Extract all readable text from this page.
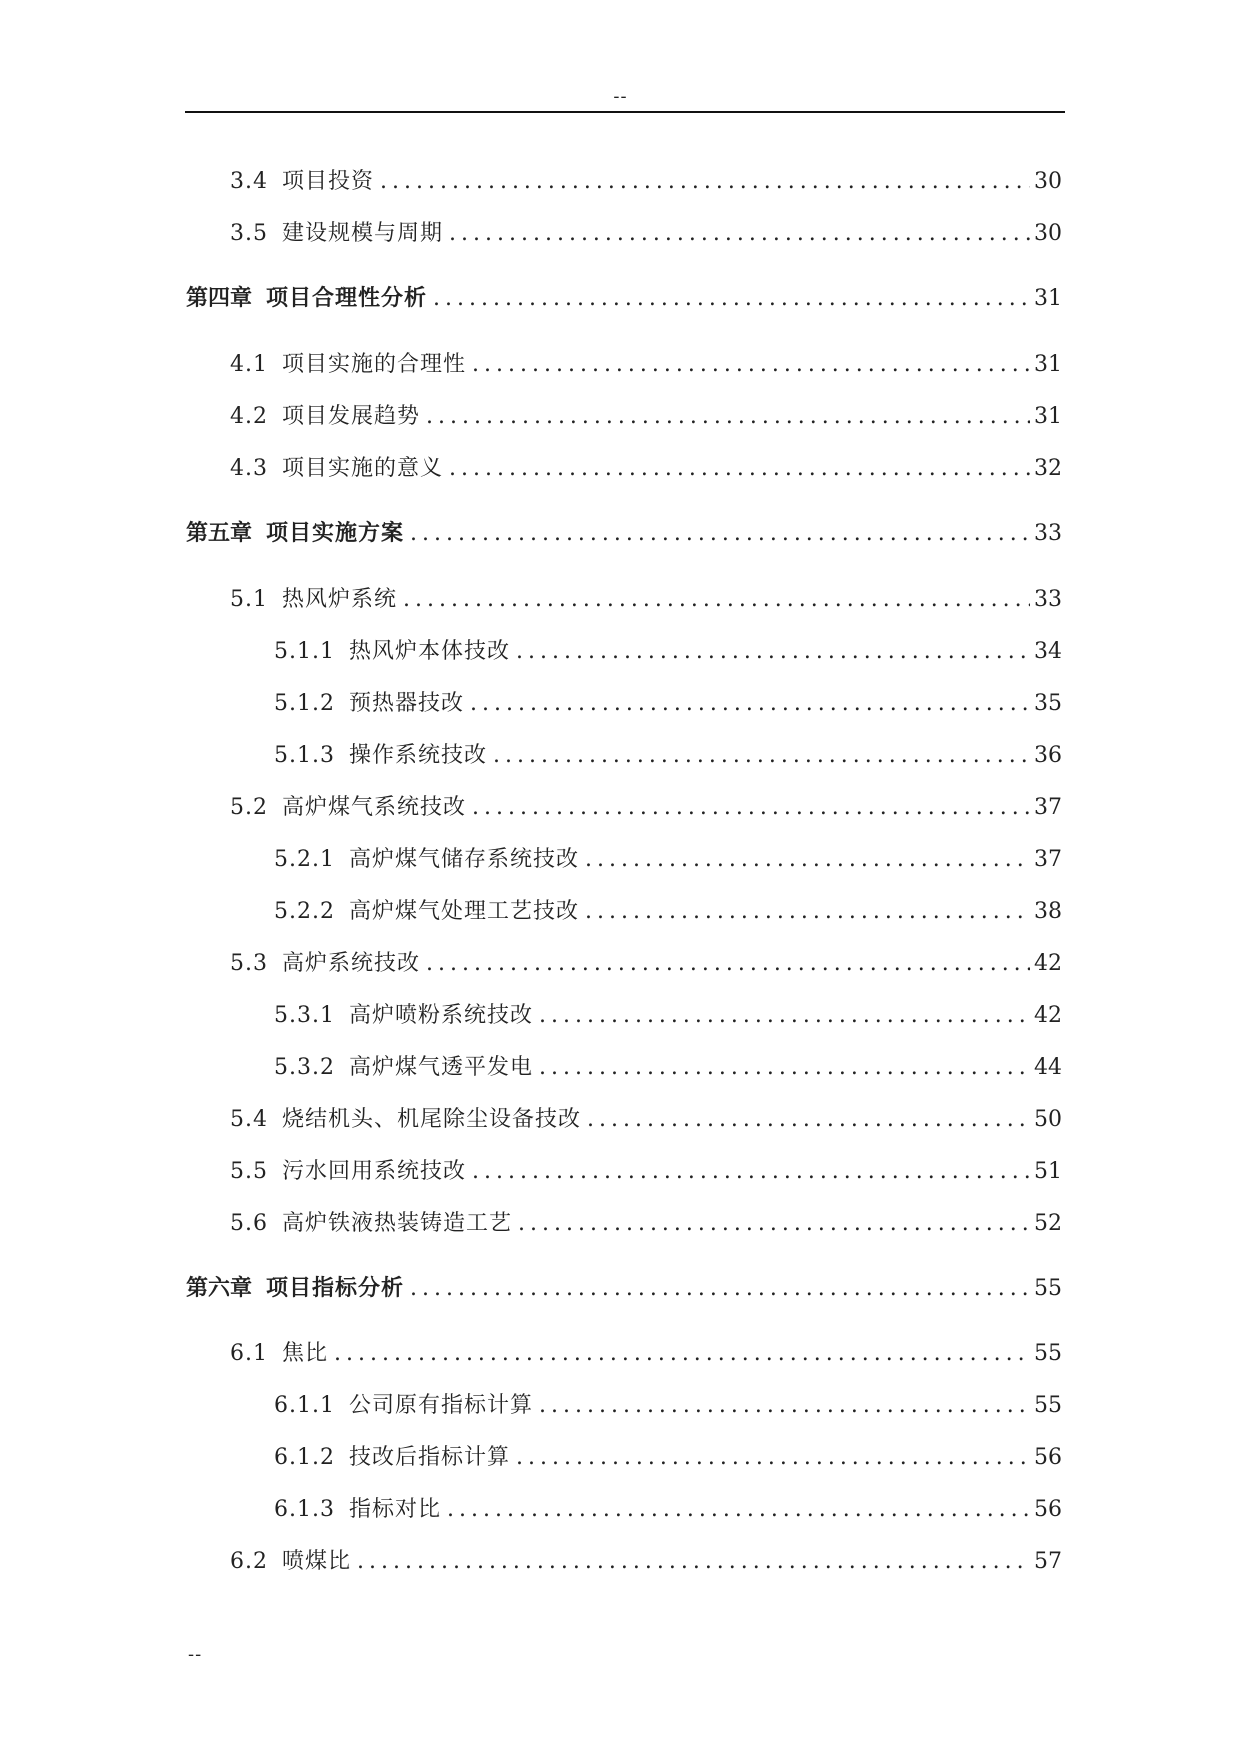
--
3.4 项目投资 .....	30
3.5 建设规模与周期 .....	30
第四章 项目合理性分析 .....	31
4.1 项目实施的合理性 .....	31
4.2 项目发展趋势 .....	31
4.3 项目实施的意义 .....	32
第五章 项目实施方案 .....	33
5.1 热风炉系统 .....	33
5.1.1 热风炉本体技改 .....	34
5.1.2 预热器技改 .....	35
5.1.3 操作系统技改 .....	36
5.2 高炉煤气系统技改 .....	37
5.2.1 高炉煤气储存系统技改 .....	37
5.2.2 高炉煤气处理工艺技改 .....	38
5.3 高炉系统技改 .....	42
5.3.1 高炉喷粉系统技改 .....	42
5.3.2 高炉煤气透平发电 .....	44
5.4 烧结机头、机尾除尘设备技改 .....	50
5.5 污水回用系统技改 .....	51
5.6 高炉铁液热装铸造工艺 .....	52
第六章 项目指标分析 .....	55
6.1 焦比 .....	55
6.1.1 公司原有指标计算 .....	55
6.1.2 技改后指标计算 .....	56
6.1.3 指标对比 .....	56
6.2 喷煤比 .....	57
--
